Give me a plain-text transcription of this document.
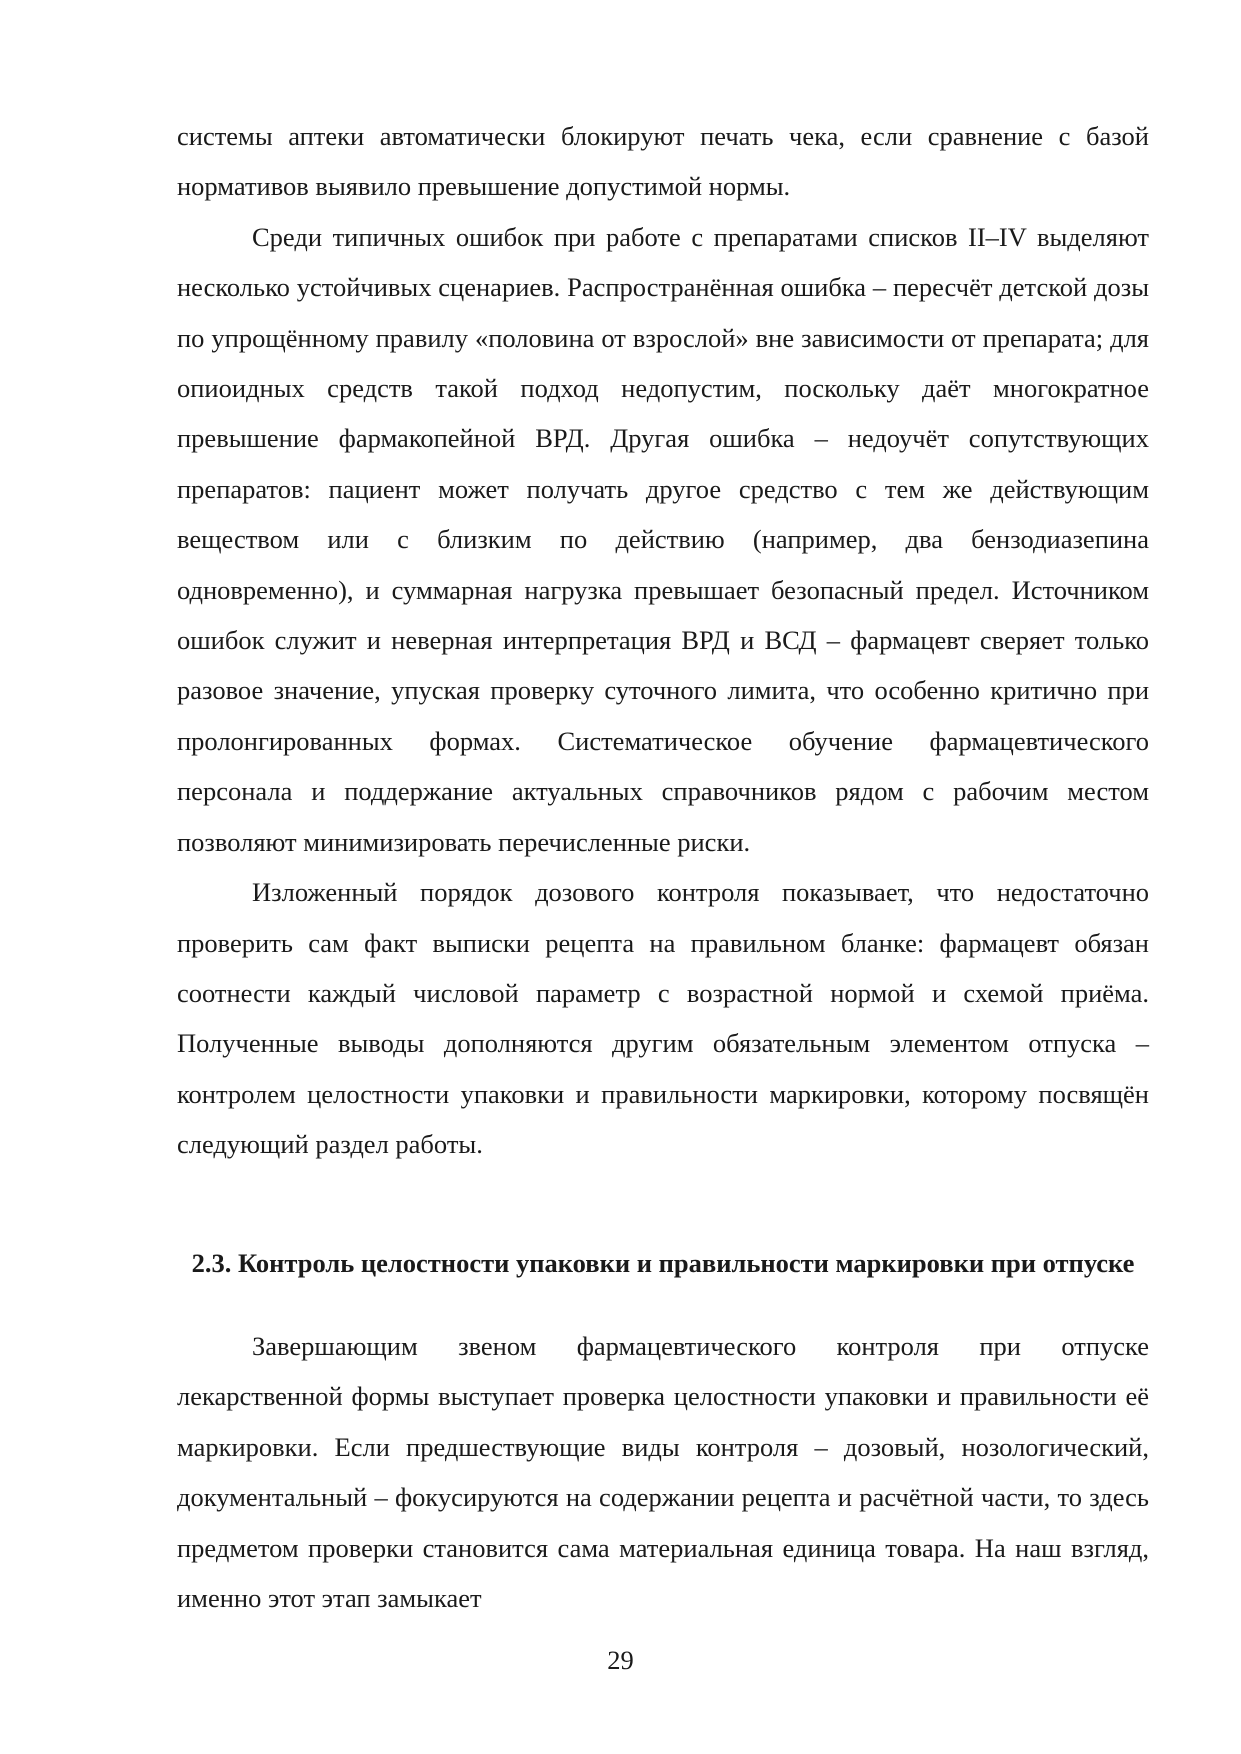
системы аптеки автоматически блокируют печать чека, если сравнение с базой нормативов выявило превышение допустимой нормы.

Среди типичных ошибок при работе с препаратами списков II–IV выделяют несколько устойчивых сценариев. Распространённая ошибка – пересчёт детской дозы по упрощённому правилу «половина от взрослой» вне зависимости от препарата; для опиоидных средств такой подход недопустим, поскольку даёт многократное превышение фармакопейной ВРД. Другая ошибка – недоучёт сопутствующих препаратов: пациент может получать другое средство с тем же действующим веществом или с близким по действию (например, два бензодиазепина одновременно), и суммарная нагрузка превышает безопасный предел. Источником ошибок служит и неверная интерпретация ВРД и ВСД – фармацевт сверяет только разовое значение, упуская проверку суточного лимита, что особенно критично при пролонгированных формах. Систематическое обучение фармацевтического персонала и поддержание актуальных справочников рядом с рабочим местом позволяют минимизировать перечисленные риски.

Изложенный порядок дозового контроля показывает, что недостаточно проверить сам факт выписки рецепта на правильном бланке: фармацевт обязан соотнести каждый числовой параметр с возрастной нормой и схемой приёма. Полученные выводы дополняются другим обязательным элементом отпуска – контролем целостности упаковки и правильности маркировки, которому посвящён следующий раздел работы.

2.3. Контроль целостности упаковки и правильности маркировки при отпуске

Завершающим звеном фармацевтического контроля при отпуске лекарственной формы выступает проверка целостности упаковки и правильности её маркировки. Если предшествующие виды контроля – дозовый, нозологический, документальный – фокусируются на содержании рецепта и расчётной части, то здесь предметом проверки становится сама материальная единица товара. На наш взгляд, именно этот этап замыкает

29
